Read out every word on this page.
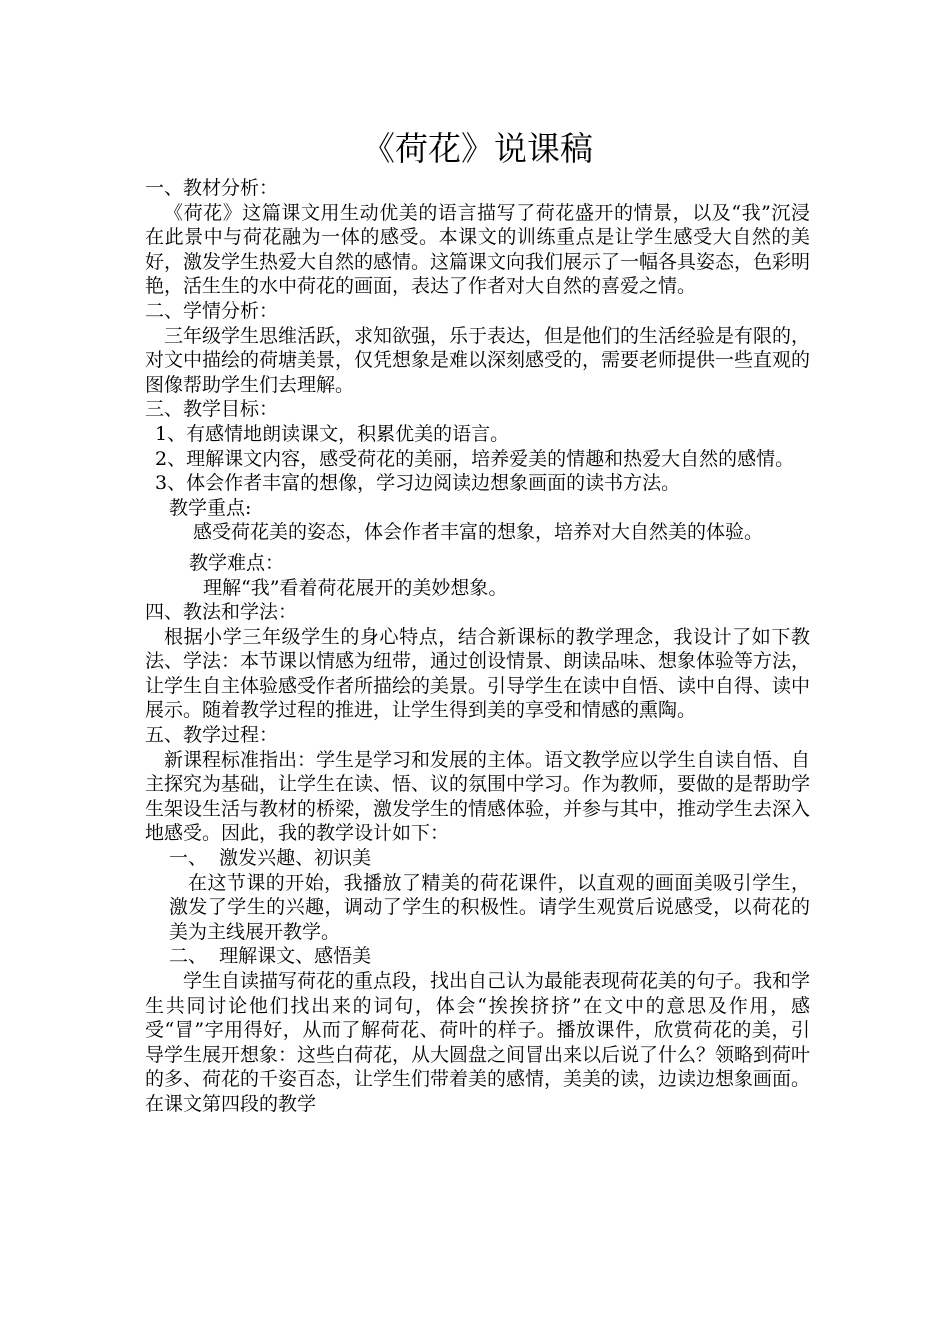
《荷花》说课稿

一、教材分析：

《荷花》这篇课文用生动优美的语言描写了荷花盛开的情景，以及“我”沉浸在此景中与荷花融为一体的感受。本课文的训练重点是让学生感受大自然的美好，激发学生热爱大自然的感情。这篇课文向我们展示了一幅各具姿态，色彩明艳，活生生的水中荷花的画面，表达了作者对大自然的喜爱之情。

二、学情分析：

三年级学生思维活跃，求知欲强，乐于表达，但是他们的生活经验是有限的，对文中描绘的荷塘美景，仅凭想象是难以深刻感受的，需要老师提供一些直观的图像帮助学生们去理解。

三、教学目标：

1、有感情地朗读课文，积累优美的语言。

2、理解课文内容，感受荷花的美丽，培养爱美的情趣和热爱大自然的感情。

3、体会作者丰富的想像，学习边阅读边想象画面的读书方法。

教学重点:

感受荷花美的姿态，体会作者丰富的想象，培养对大自然美的体验。

教学难点：

理解“我”看着荷花展开的美妙想象。

四、教法和学法：

根据小学三年级学生的身心特点，结合新课标的教学理念，我设计了如下教法、学法：本节课以情感为纽带，通过创设情景、朗读品味、想象体验等方法，让学生自主体验感受作者所描绘的美景。引导学生在读中自悟、读中自得、读中展示。随着教学过程的推进，让学生得到美的享受和情感的熏陶。

五、教学过程：

新课程标准指出：学生是学习和发展的主体。语文教学应以学生自读自悟、自主探究为基础，让学生在读、悟、议的氛围中学习。作为教师，要做的是帮助学生架设生活与教材的桥梁，激发学生的情感体验，并参与其中，推动学生去深入地感受。因此，我的教学设计如下：

一、  激发兴趣、初识美

在这节课的开始，我播放了精美的荷花课件，以直观的画面美吸引学生，激发了学生的兴趣，调动了学生的积极性。请学生观赏后说感受，以荷花的美为主线展开教学。

二、  理解课文、感悟美

学生自读描写荷花的重点段，找出自己认为最能表现荷花美的句子。我和学生共同讨论他们找出来的词句，体会“挨挨挤挤”在文中的意思及作用，感受“冒”字用得好，从而了解荷花、荷叶的样子。播放课件，欣赏荷花的美，引导学生展开想象：这些白荷花，从大圆盘之间冒出来以后说了什么？领略到荷叶的多、荷花的千姿百态，让学生们带着美的感情，美美的读，边读边想象画面。在课文第四段的教学
